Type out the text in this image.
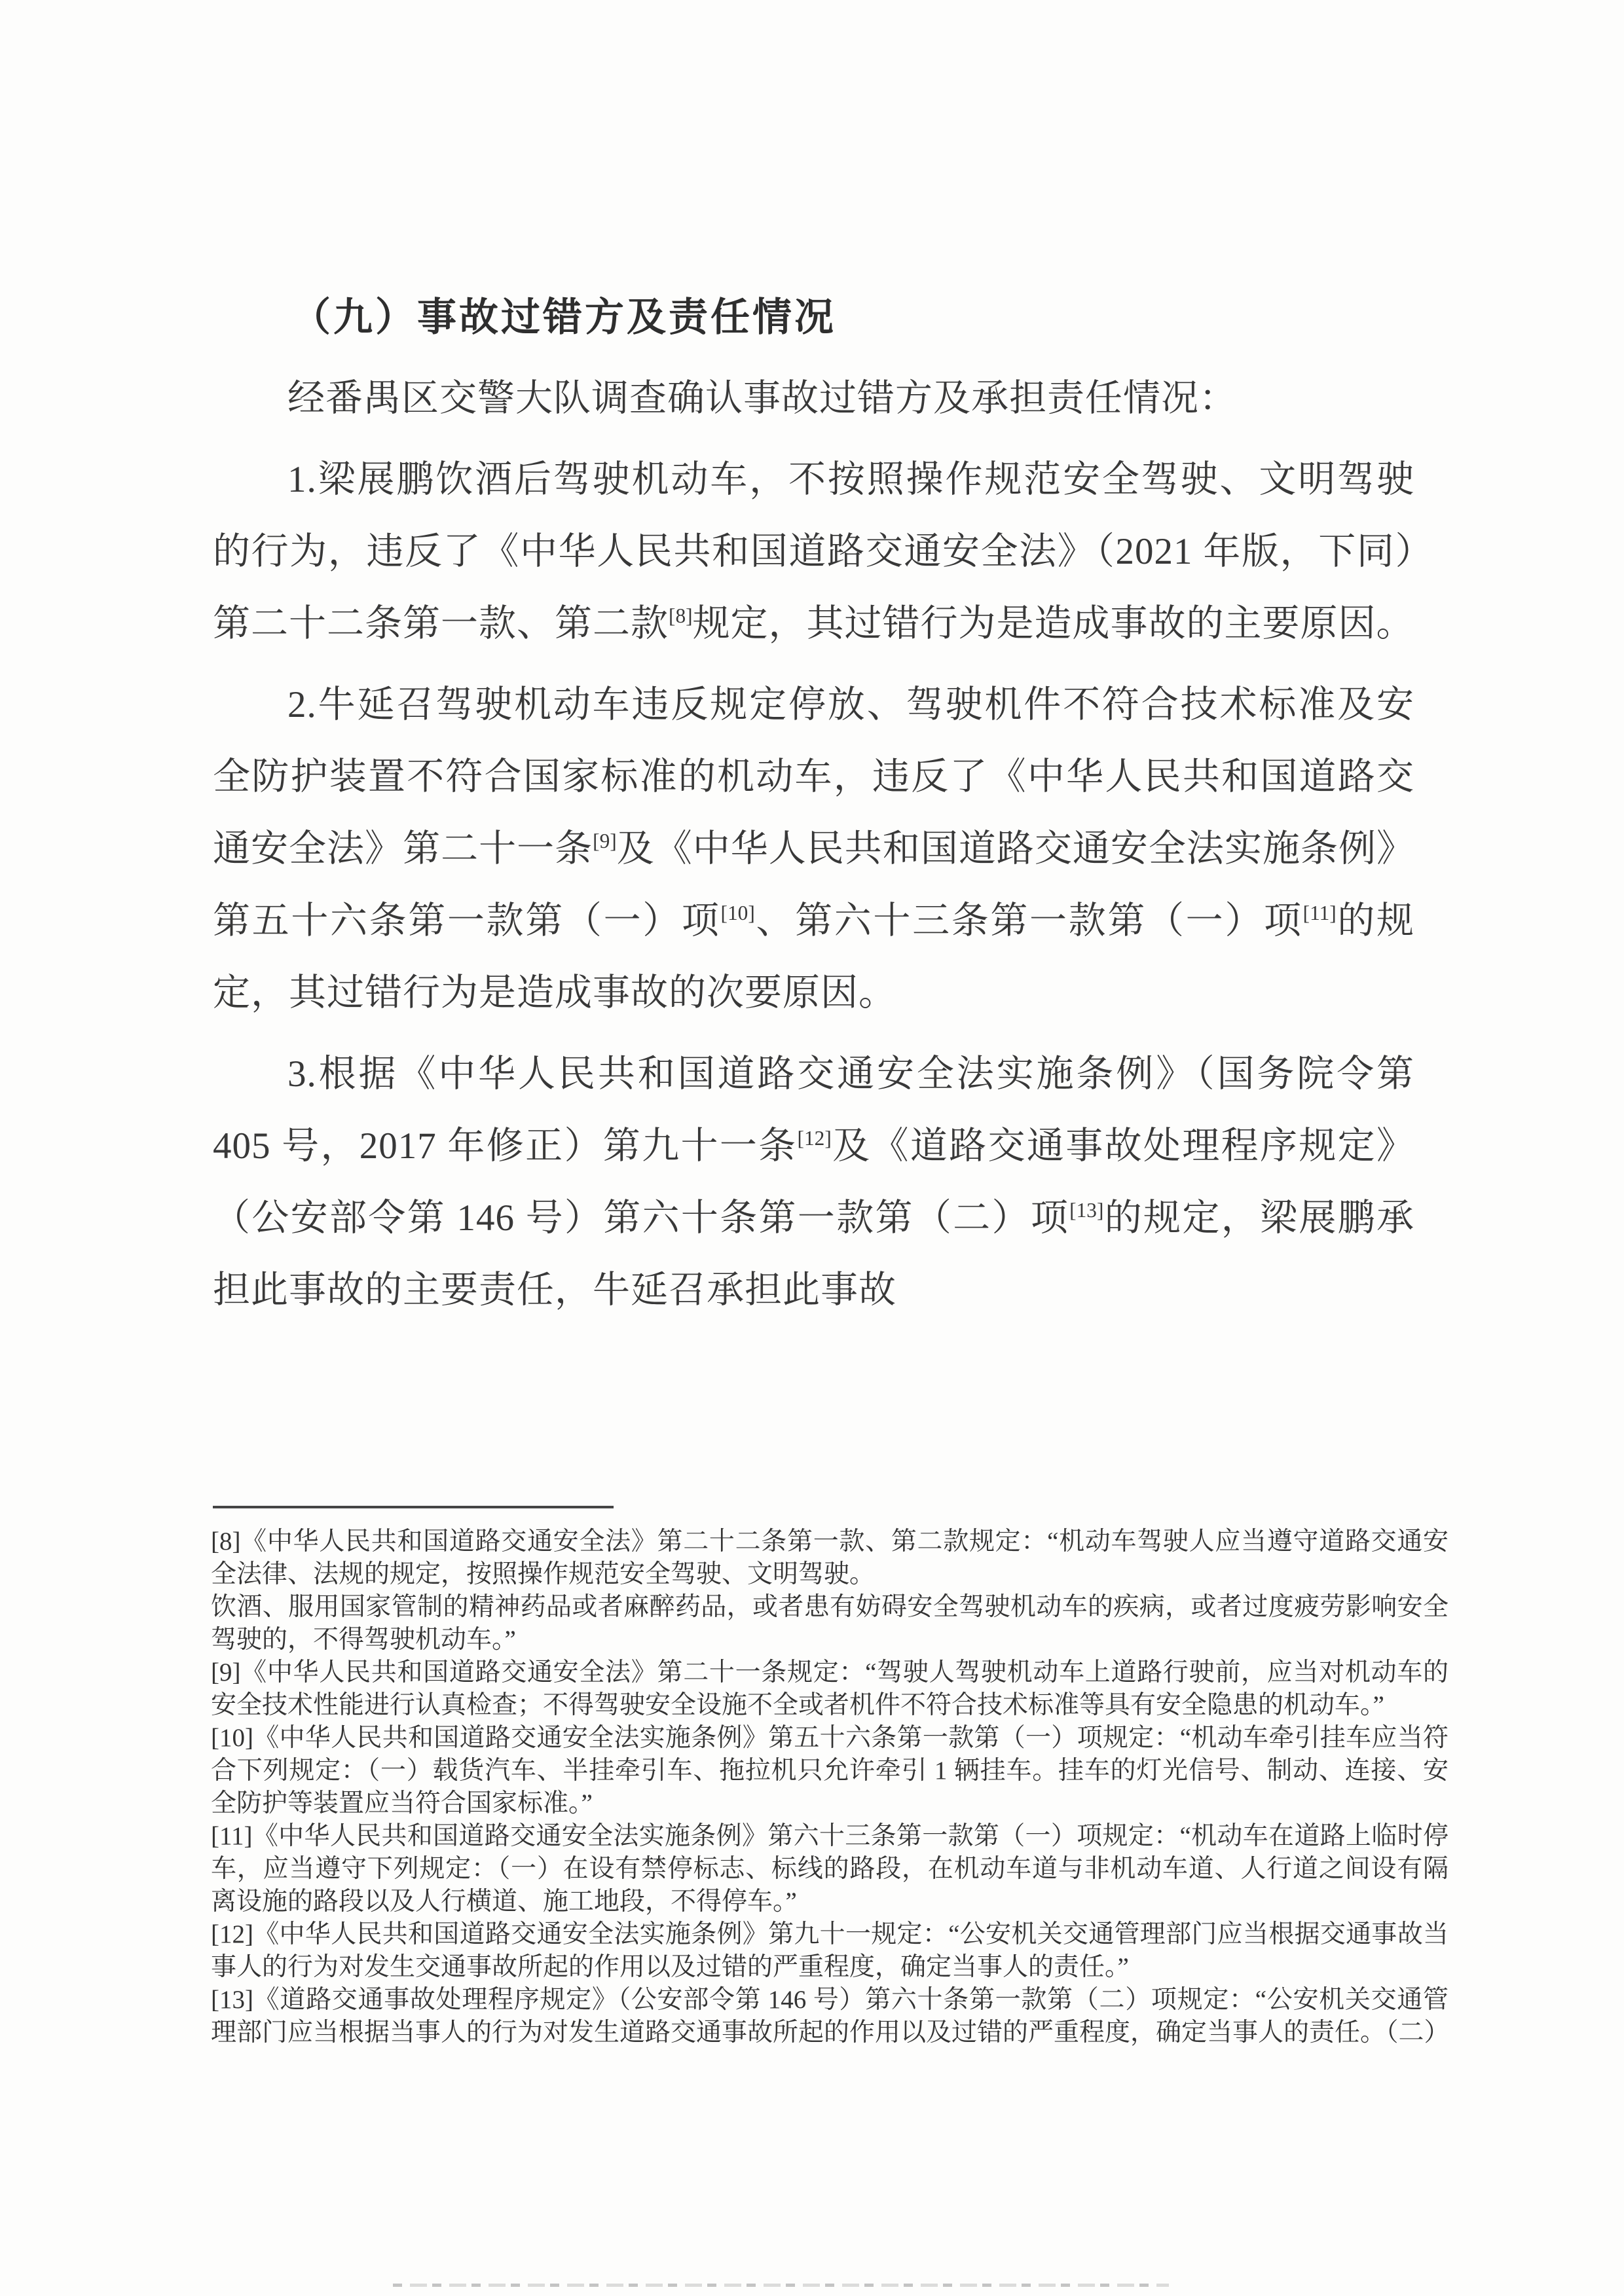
（九）事故过错方及责任情况
经番禺区交警大队调查确认事故过错方及承担责任情况：
1.梁展鹏饮酒后驾驶机动车，不按照操作规范安全驾驶、文明驾驶的行为，违反了《中华人民共和国道路交通安全法》（2021 年版，下同）第二十二条第一款、第二款[8]规定，其过错行为是造成事故的主要原因。
2.牛延召驾驶机动车违反规定停放、驾驶机件不符合技术标准及安全防护装置不符合国家标准的机动车，违反了《中华人民共和国道路交通安全法》第二十一条[9]及《中华人民共和国道路交通安全法实施条例》第五十六条第一款第（一）项[10]、第六十三条第一款第（一）项[11]的规定，其过错行为是造成事故的次要原因。
3.根据《中华人民共和国道路交通安全法实施条例》（国务院令第 405 号，2017 年修正）第九十一条[12]及《道路交通事故处理程序规定》（公安部令第 146 号）第六十条第一款第（二）项[13]的规定，梁展鹏承担此事故的主要责任，牛延召承担此事故
[8]《中华人民共和国道路交通安全法》第二十二条第一款、第二款规定：“机动车驾驶人应当遵守道路交通安全法律、法规的规定，按照操作规范安全驾驶、文明驾驶。
饮酒、服用国家管制的精神药品或者麻醉药品，或者患有妨碍安全驾驶机动车的疾病，或者过度疲劳影响安全驾驶的，不得驾驶机动车。”
[9]《中华人民共和国道路交通安全法》第二十一条规定：“驾驶人驾驶机动车上道路行驶前，应当对机动车的安全技术性能进行认真检查；不得驾驶安全设施不全或者机件不符合技术标准等具有安全隐患的机动车。”
[10]《中华人民共和国道路交通安全法实施条例》第五十六条第一款第（一）项规定：“机动车牵引挂车应当符合下列规定：（一）载货汽车、半挂牵引车、拖拉机只允许牵引 1 辆挂车。挂车的灯光信号、制动、连接、安全防护等装置应当符合国家标准。”
[11]《中华人民共和国道路交通安全法实施条例》第六十三条第一款第（一）项规定：“机动车在道路上临时停车，应当遵守下列规定：（一）在设有禁停标志、标线的路段，在机动车道与非机动车道、人行道之间设有隔离设施的路段以及人行横道、施工地段，不得停车。”
[12]《中华人民共和国道路交通安全法实施条例》第九十一规定：“公安机关交通管理部门应当根据交通事故当事人的行为对发生交通事故所起的作用以及过错的严重程度，确定当事人的责任。”
[13]《道路交通事故处理程序规定》（公安部令第 146 号）第六十条第一款第（二）项规定：“公安机关交通管理部门应当根据当事人的行为对发生道路交通事故所起的作用以及过错的严重程度，确定当事人的责任。（二）
